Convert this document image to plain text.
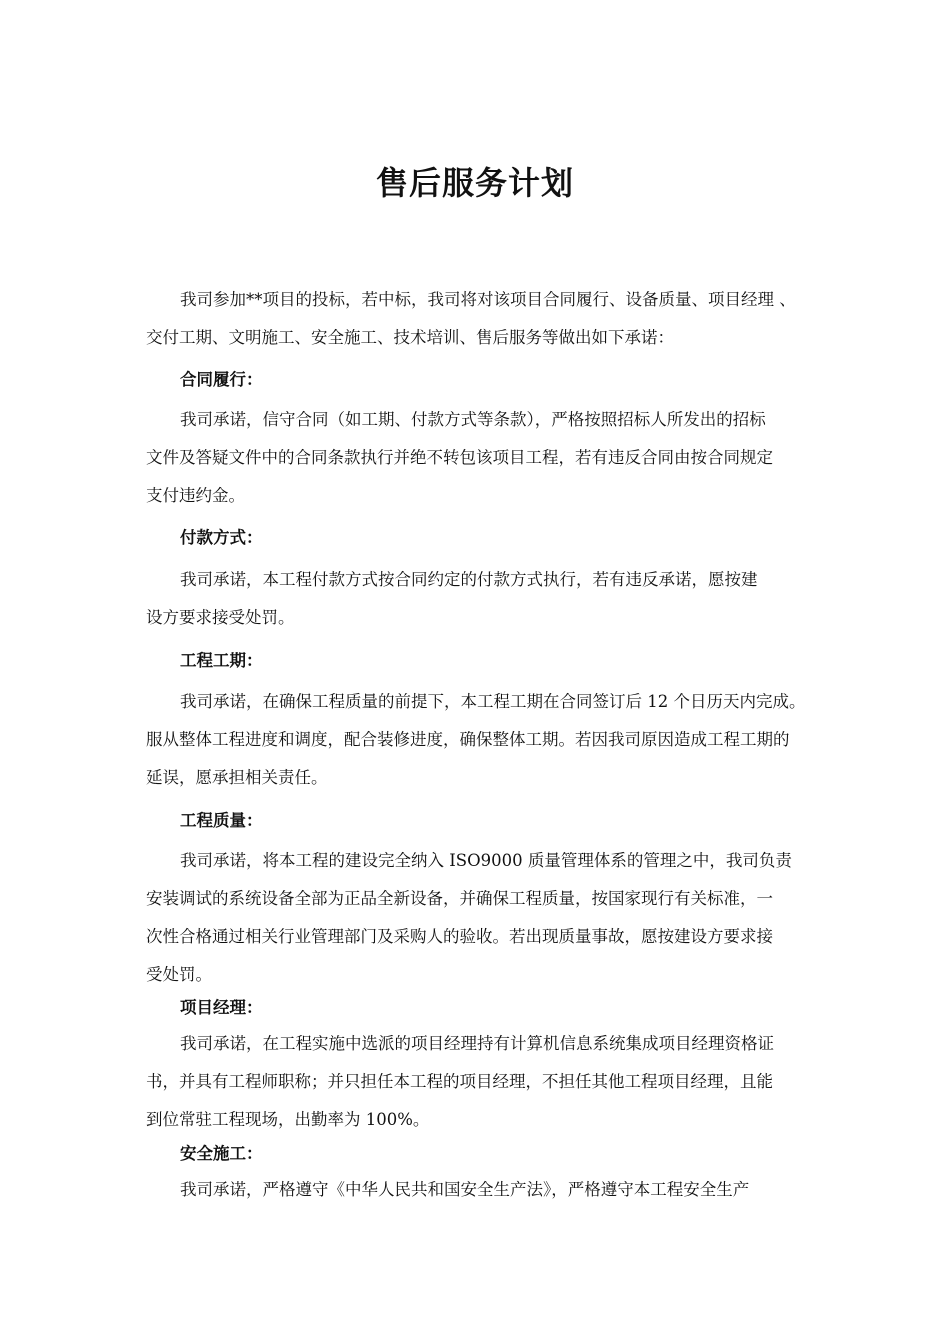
售后服务计划
我司参加**项目的投标，若中标，我司将对该项目合同履行、设备质量、项目经理 、
交付工期、文明施工、安全施工、技术培训、售后服务等做出如下承诺：
合同履行：
我司承诺，信守合同（如工期、付款方式等条款），严格按照招标人所发出的招标
文件及答疑文件中的合同条款执行并绝不转包该项目工程，若有违反合同由按合同规定
支付违约金。
付款方式：
我司承诺，本工程付款方式按合同约定的付款方式执行，若有违反承诺，愿按建
设方要求接受处罚。
工程工期：
我司承诺，在确保工程质量的前提下，本工程工期在合同签订后 12 个日历天内完成。
服从整体工程进度和调度，配合装修进度，确保整体工期。若因我司原因造成工程工期的
延误，愿承担相关责任。
工程质量：
我司承诺，将本工程的建设完全纳入 ISO9000 质量管理体系的管理之中，我司负责
安装调试的系统设备全部为正品全新设备，并确保工程质量，按国家现行有关标准，一
次性合格通过相关行业管理部门及采购人的验收。若出现质量事故，愿按建设方要求接
受处罚。
项目经理：
我司承诺，在工程实施中选派的项目经理持有计算机信息系统集成项目经理资格证
书，并具有工程师职称；并只担任本工程的项目经理，不担任其他工程项目经理，且能
到位常驻工程现场，出勤率为 100%。
安全施工：
我司承诺，严格遵守《中华人民共和国安全生产法》，严格遵守本工程安全生产
